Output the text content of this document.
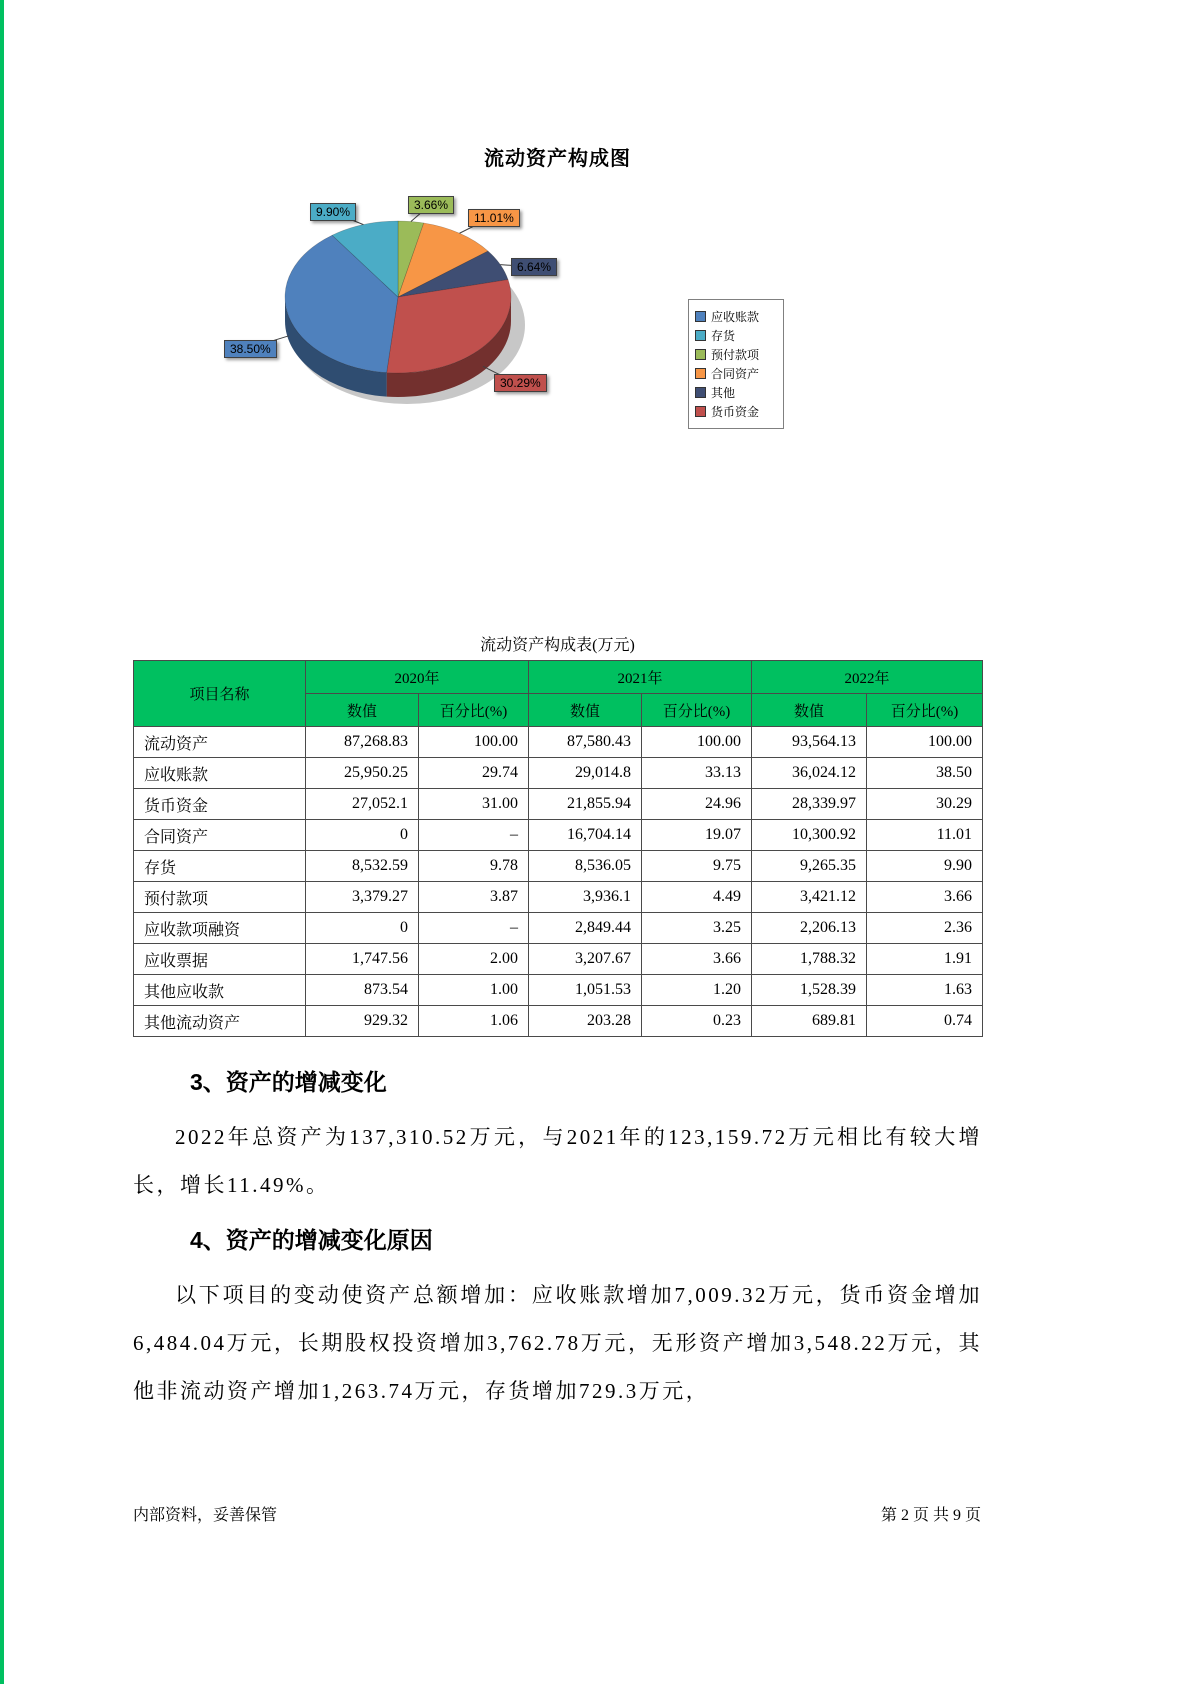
流动资产构成图
3.66%
11.01%
6.64%
30.29%
38.50%
9.90%
应收账款
存货
预付款项
合同资产
其他
货币资金
流动资产构成表(万元)
项目名称	2020年		2021年		2022年	
	数值	百分比(%)	数值	百分比(%)	数值	百分比(%)
流动资产	87,268.83	100.00	87,580.43	100.00	93,564.13	100.00
应收账款	25,950.25	29.74	29,014.8	33.13	36,024.12	38.50
货币资金	27,052.1	31.00	21,855.94	24.96	28,339.97	30.29
合同资产	0	–	16,704.14	19.07	10,300.92	11.01
存货	8,532.59	9.78	8,536.05	9.75	9,265.35	9.90
预付款项	3,379.27	3.87	3,936.1	4.49	3,421.12	3.66
应收款项融资	0	–	2,849.44	3.25	2,206.13	2.36
应收票据	1,747.56	2.00	3,207.67	3.66	1,788.32	1.91
其他应收款	873.54	1.00	1,051.53	1.20	1,528.39	1.63
其他流动资产	929.32	1.06	203.28	0.23	689.81	0.74
3、资产的增减变化

2022年总资产为137,310.52万元，与2021年的123,159.72万元相比有较大增长，增长11.49%。

4、资产的增减变化原因

以下项目的变动使资产总额增加：应收账款增加7,009.32万元，货币资金增加6,484.04万元，长期股权投资增加3,762.78万元，无形资产增加3,548.22万元，其他非流动资产增加1,263.74万元，存货增加729.3万元，

内部资料，妥善保管	第 2 页 共 9 页
